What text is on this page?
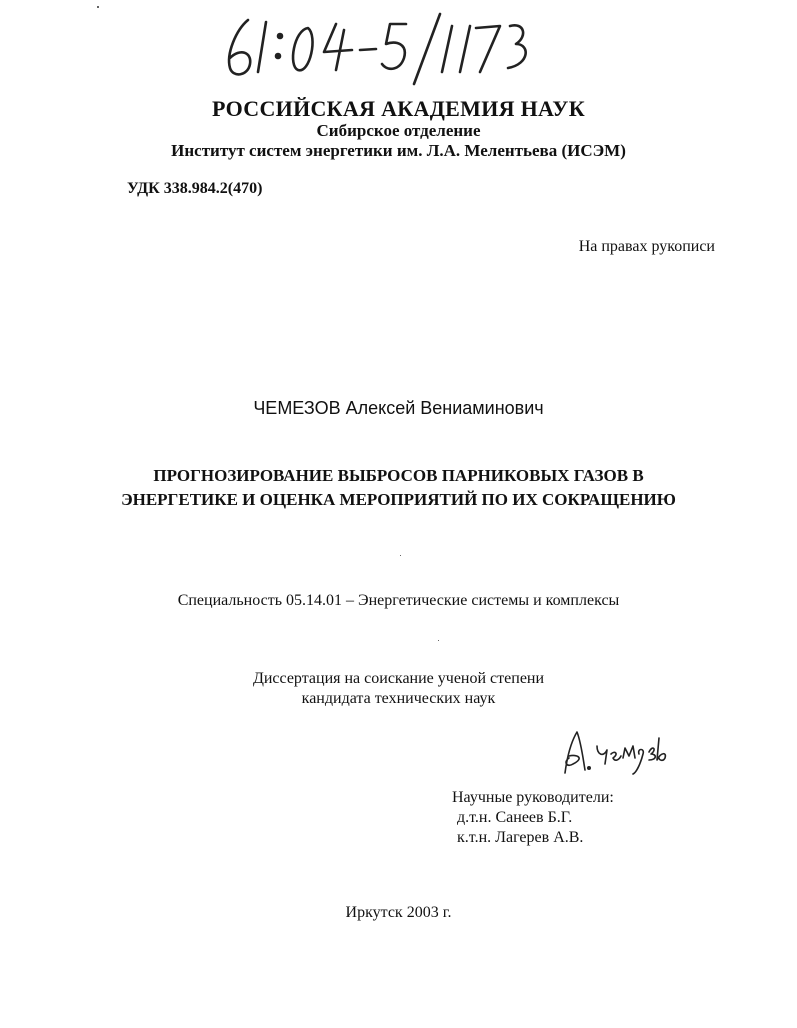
РОССИЙСКАЯ АКАДЕМИЯ НАУК
Сибирское отделение
Институт систем энергетики им. Л.А. Мелентьева (ИСЭМ)
УДК 338.984.2(470)
На правах рукописи
ЧЕМЕЗОВ Алексей Вениаминович
ПРОГНОЗИРОВАНИЕ ВЫБРОСОВ ПАРНИКОВЫХ ГАЗОВ В
ЭНЕРГЕТИКЕ И ОЦЕНКА МЕРОПРИЯТИЙ ПО ИХ СОКРАЩЕНИЮ
Специальность 05.14.01 – Энергетические системы и комплексы
Диссертация на соискание ученой степени
кандидата технических наук
Научные руководители:
д.т.н. Санеев Б.Г.
к.т.н. Лагерев А.В.
Иркутск 2003 г.
